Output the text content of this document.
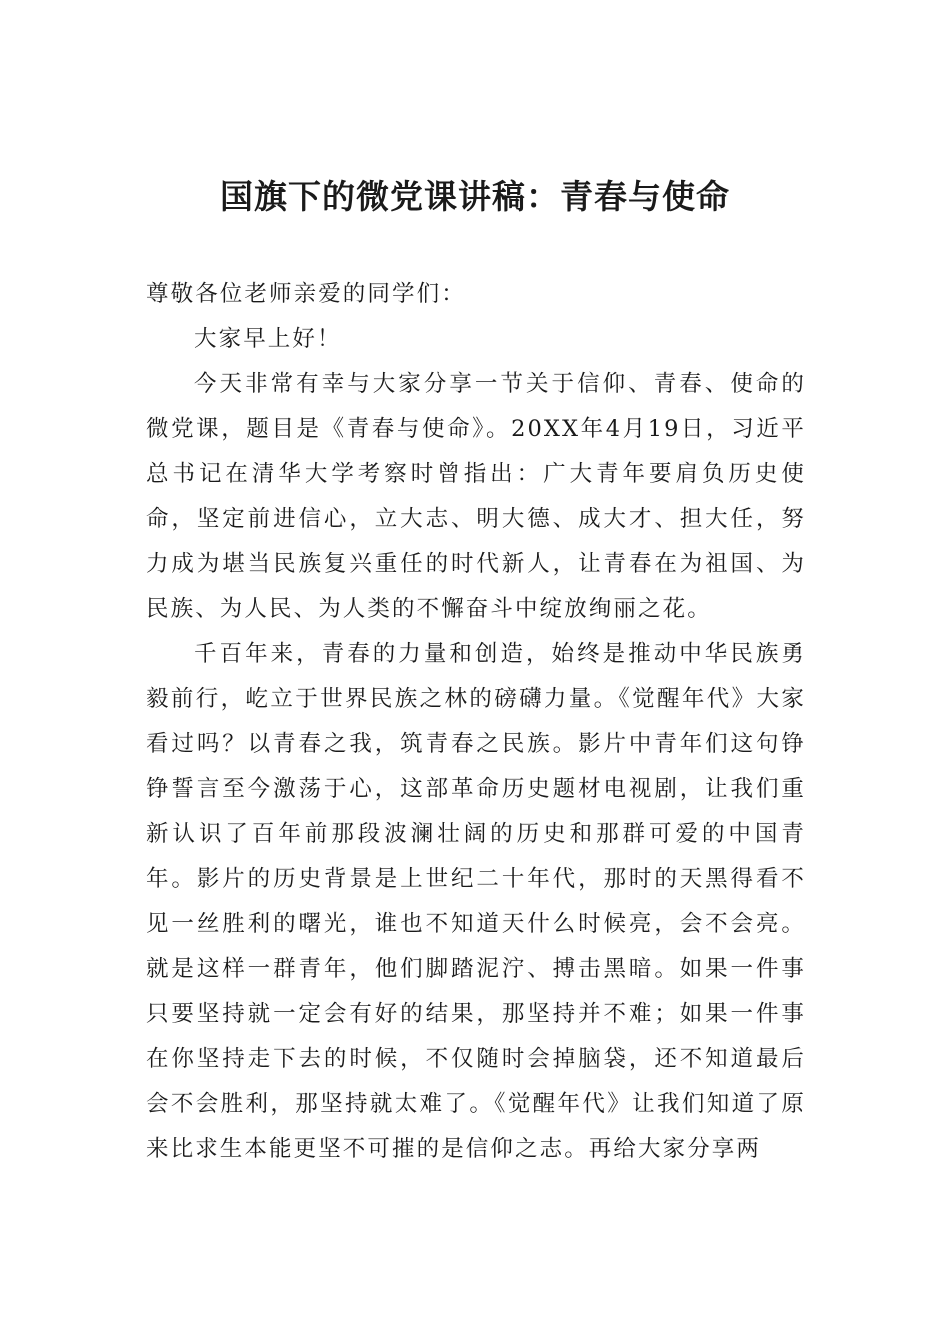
国旗下的微党课讲稿：青春与使命

尊敬各位老师亲爱的同学们：

大家早上好！

今天非常有幸与大家分享一节关于信仰、青春、使命的微党课，题目是《青春与使命》。20XX年4月19日，习近平总书记在清华大学考察时曾指出：广大青年要肩负历史使命，坚定前进信心，立大志、明大德、成大才、担大任，努力成为堪当民族复兴重任的时代新人，让青春在为祖国、为民族、为人民、为人类的不懈奋斗中绽放绚丽之花。

千百年来，青春的力量和创造，始终是推动中华民族勇毅前行，屹立于世界民族之林的磅礴力量。《觉醒年代》大家看过吗？以青春之我，筑青春之民族。影片中青年们这句铮铮誓言至今激荡于心，这部革命历史题材电视剧，让我们重新认识了百年前那段波澜壮阔的历史和那群可爱的中国青年。影片的历史背景是上世纪二十年代，那时的天黑得看不见一丝胜利的曙光，谁也不知道天什么时候亮，会不会亮。就是这样一群青年，他们脚踏泥泞、搏击黑暗。如果一件事只要坚持就一定会有好的结果，那坚持并不难；如果一件事在你坚持走下去的时候，不仅随时会掉脑袋，还不知道最后会不会胜利，那坚持就太难了。《觉醒年代》让我们知道了原来比求生本能更坚不可摧的是信仰之志。再给大家分享两
